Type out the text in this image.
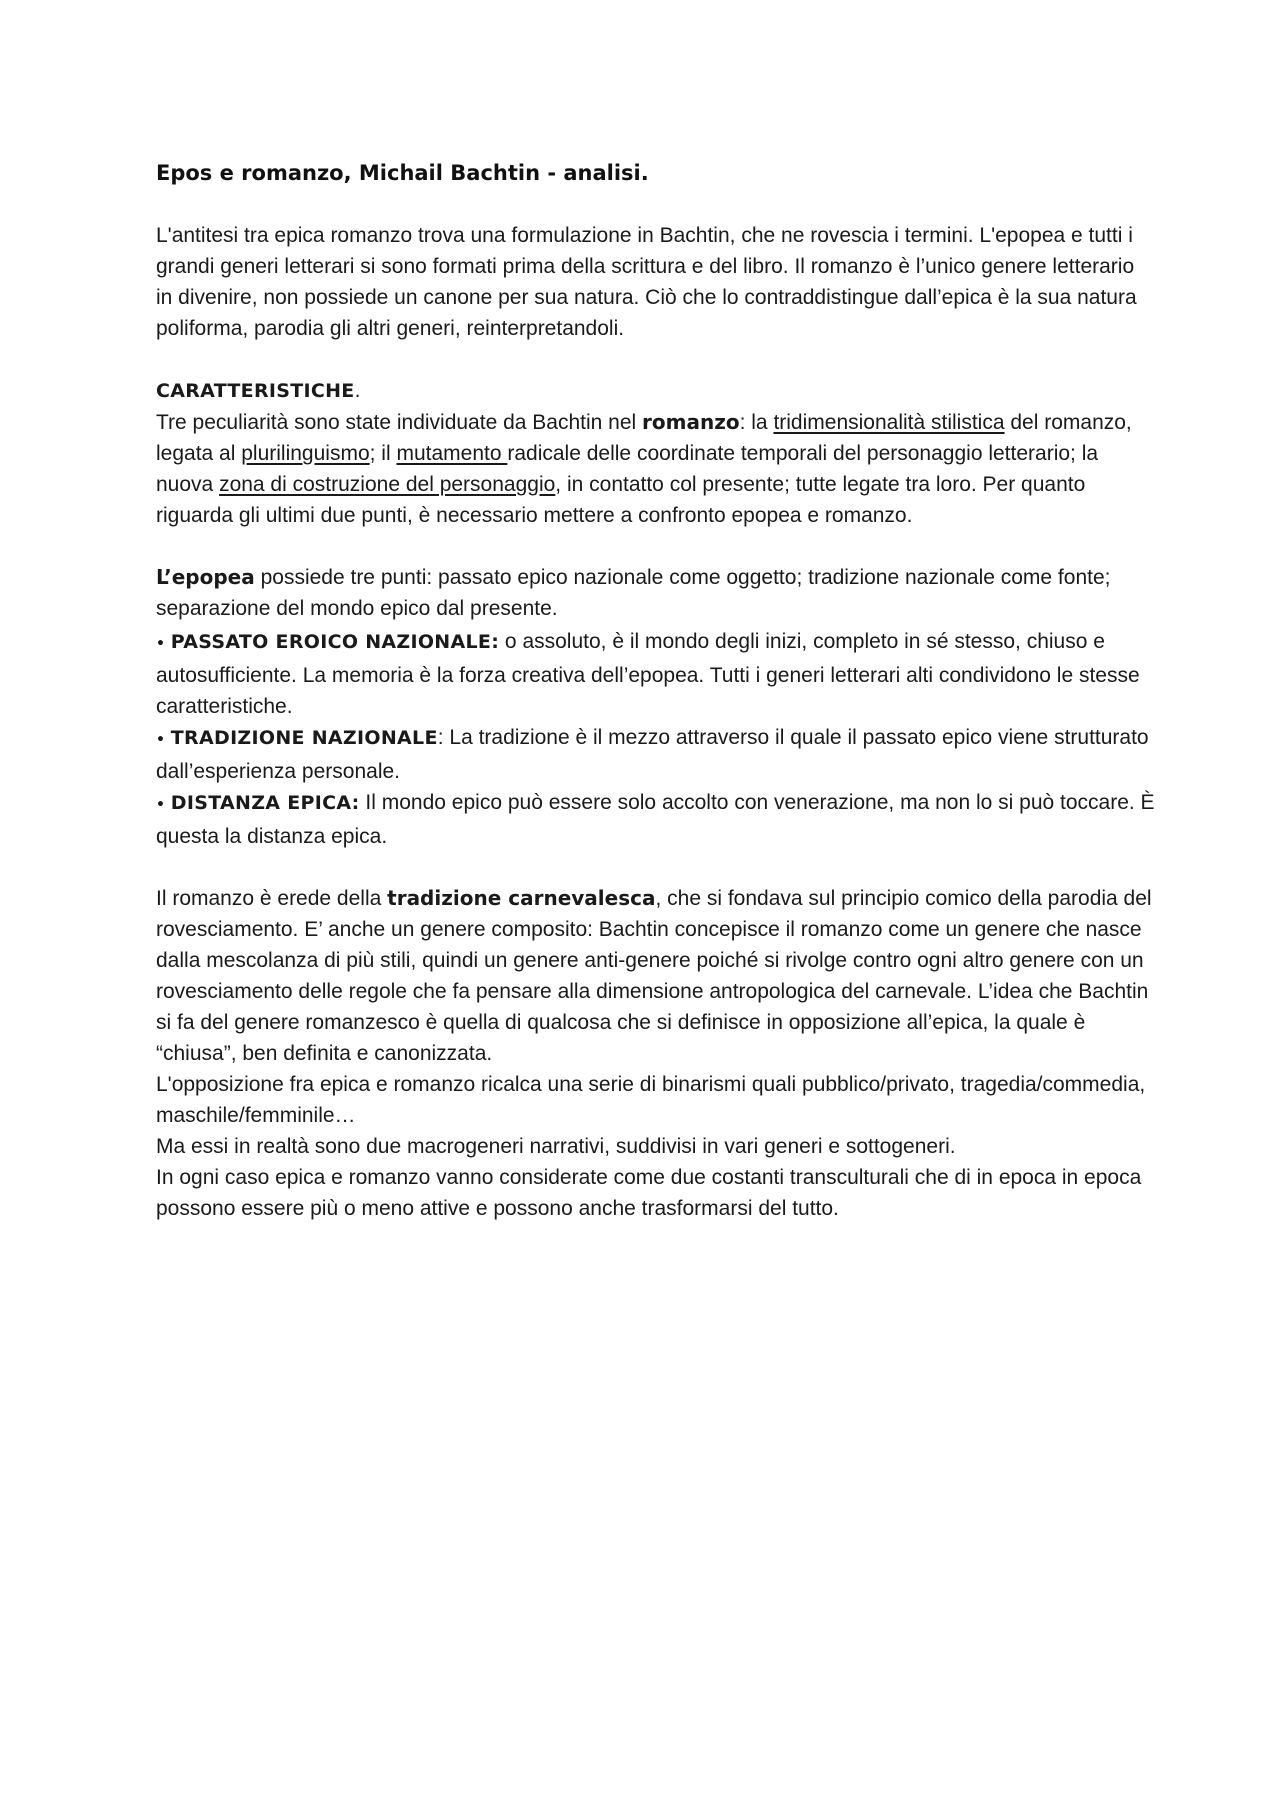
Epos e romanzo, Michail Bachtin - analisi.

L'antitesi tra epica romanzo trova una formulazione in Bachtin, che ne rovescia i termini. L'epopea e tutti i grandi generi letterari si sono formati prima della scrittura e del libro. Il romanzo è l’unico genere letterario in divenire, non possiede un canone per sua natura. Ciò che lo contraddistingue dall’epica è la sua natura poliforma, parodia gli altri generi, reinterpretandoli.

CARATTERISTICHE.

Tre peculiarità sono state individuate da Bachtin nel romanzo: la tridimensionalità stilistica del romanzo, legata al plurilinguismo; il mutamento radicale delle coordinate temporali del personaggio letterario; la nuova zona di costruzione del personaggio, in contatto col presente; tutte legate tra loro. Per quanto riguarda gli ultimi due punti, è necessario mettere a confronto epopea e romanzo.

L’epopea possiede tre punti: passato epico nazionale come oggetto; tradizione nazionale come fonte; separazione del mondo epico dal presente.

• PASSATO EROICO NAZIONALE: o assoluto, è il mondo degli inizi, completo in sé stesso, chiuso e autosufficiente. La memoria è la forza creativa dell’epopea. Tutti i generi letterari alti condividono le stesse caratteristiche.

• TRADIZIONE NAZIONALE: La tradizione è il mezzo attraverso il quale il passato epico viene strutturato dall’esperienza personale.

• DISTANZA EPICA: Il mondo epico può essere solo accolto con venerazione, ma non lo si può toccare. È questa la distanza epica.

Il romanzo è erede della tradizione carnevalesca, che si fondava sul principio comico della parodia del rovesciamento. E’ anche un genere composito: Bachtin concepisce il romanzo come un genere che nasce dalla mescolanza di più stili, quindi un genere anti-genere poiché si rivolge contro ogni altro genere con un rovesciamento delle regole che fa pensare alla dimensione antropologica del carnevale. L’idea che Bachtin si fa del genere romanzesco è quella di qualcosa che si definisce in opposizione all’epica, la quale è “chiusa”, ben definita e canonizzata.

L'opposizione fra epica e romanzo ricalca una serie di binarismi quali pubblico/privato, tragedia/commedia, maschile/femminile…

Ma essi in realtà sono due macrogeneri narrativi, suddivisi in vari generi e sottogeneri.

In ogni caso epica e romanzo vanno considerate come due costanti transculturali che di in epoca in epoca possono essere più o meno attive e possono anche trasformarsi del tutto.
